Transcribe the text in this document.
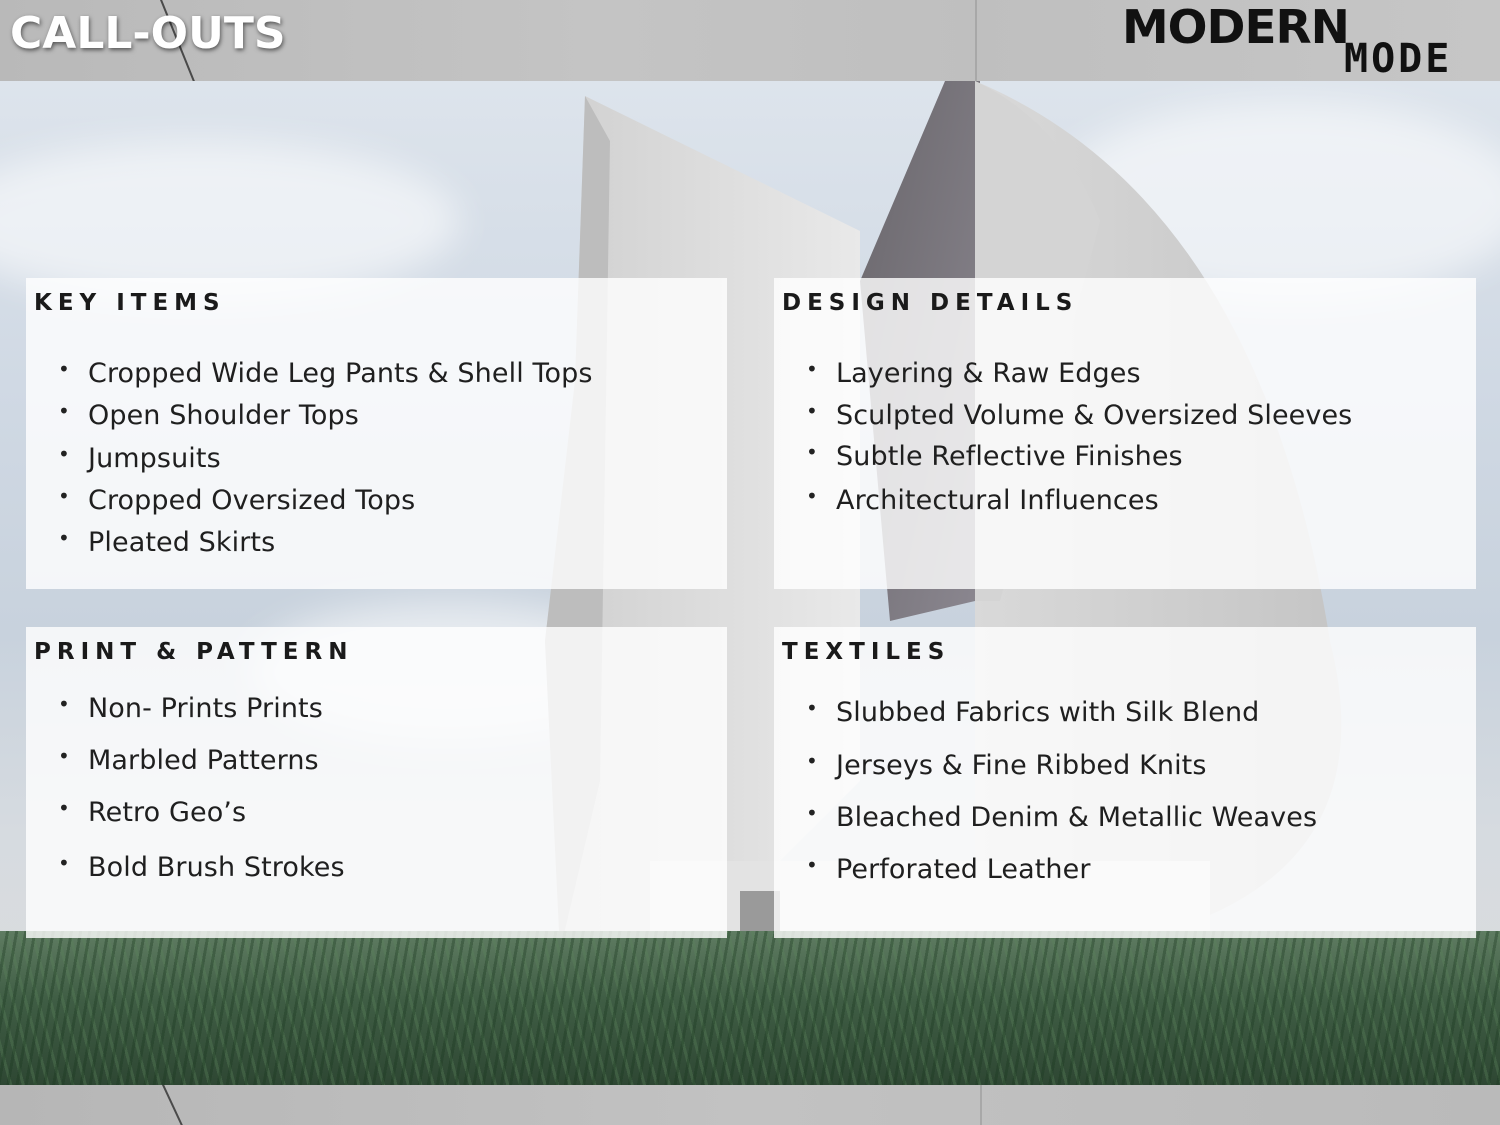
CALL-OUTS	MODERN
MODE
KEY ITEMS
• Cropped Wide Leg Pants & Shell Tops
• Open Shoulder Tops
• Jumpsuits
• Cropped Oversized Tops
• Pleated Skirts
DESIGN DETAILS
• Layering & Raw Edges
• Sculpted Volume & Oversized Sleeves
• Subtle Reflective Finishes
• Architectural Influences
PRINT & PATTERN
• Non- Prints Prints
• Marbled Patterns
• Retro Geo’s
• Bold Brush Strokes
TEXTILES
• Slubbed Fabrics with Silk Blend
• Jerseys & Fine Ribbed Knits
• Bleached Denim & Metallic Weaves
• Perforated Leather
